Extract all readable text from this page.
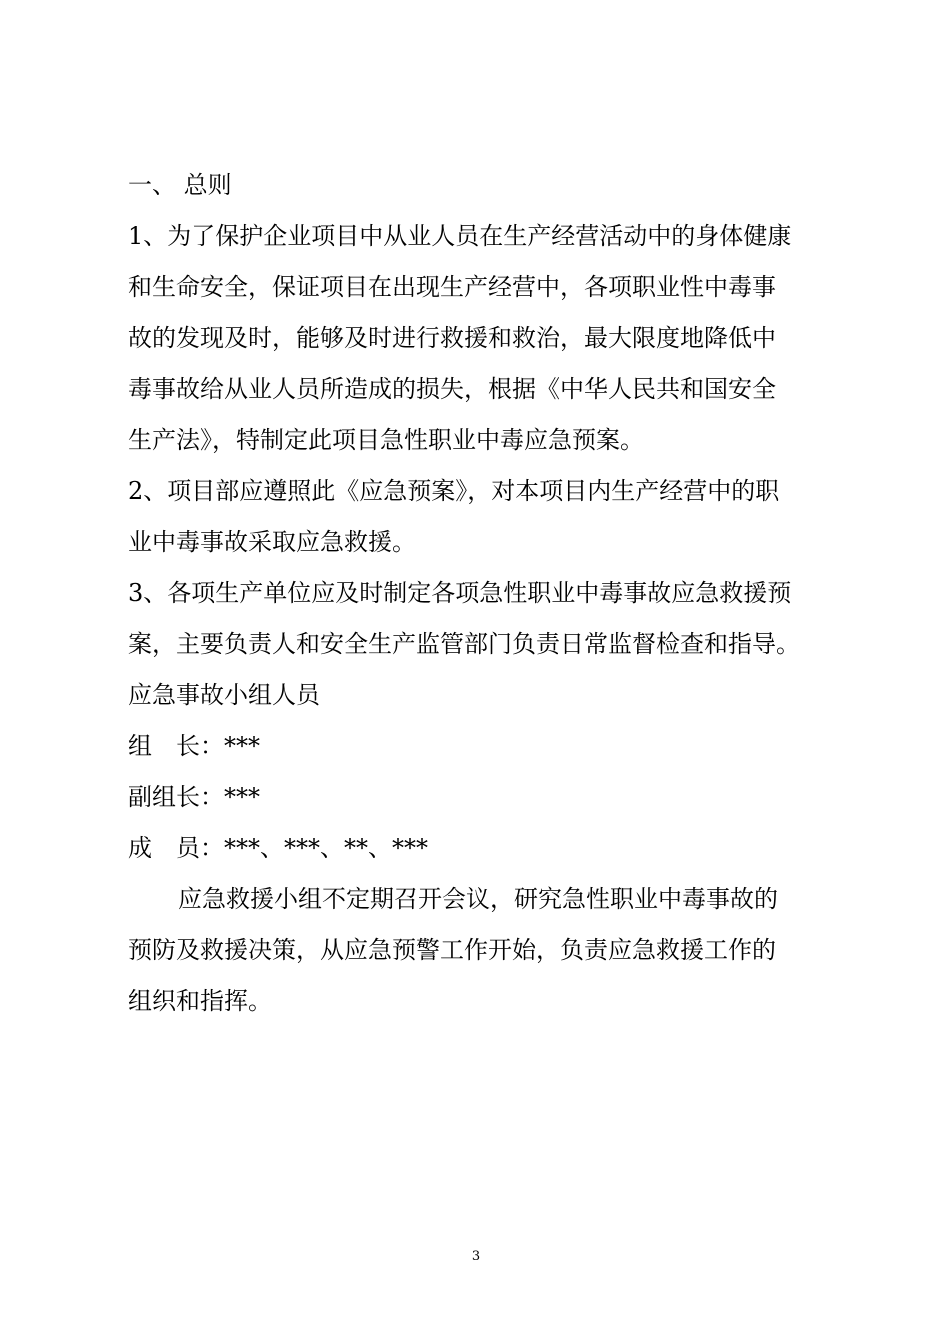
一、 总则
1、为了保护企业项目中从业人员在生产经营活动中的身体健康
和生命安全，保证项目在出现生产经营中，各项职业性中毒事
故的发现及时，能够及时进行救援和救治，最大限度地降低中
毒事故给从业人员所造成的损失，根据《中华人民共和国安全
生产法》，特制定此项目急性职业中毒应急预案。
2、项目部应遵照此《应急预案》，对本项目内生产经营中的职
业中毒事故采取应急救援。
3、各项生产单位应及时制定各项急性职业中毒事故应急救援预
案，主要负责人和安全生产监管部门负责日常监督检查和指导。
应急事故小组人员
组　长：***
副组长：***
成　员：***、***、**、***
应急救援小组不定期召开会议，研究急性职业中毒事故的
预防及救援决策，从应急预警工作开始，负责应急救援工作的
组织和指挥。
3
